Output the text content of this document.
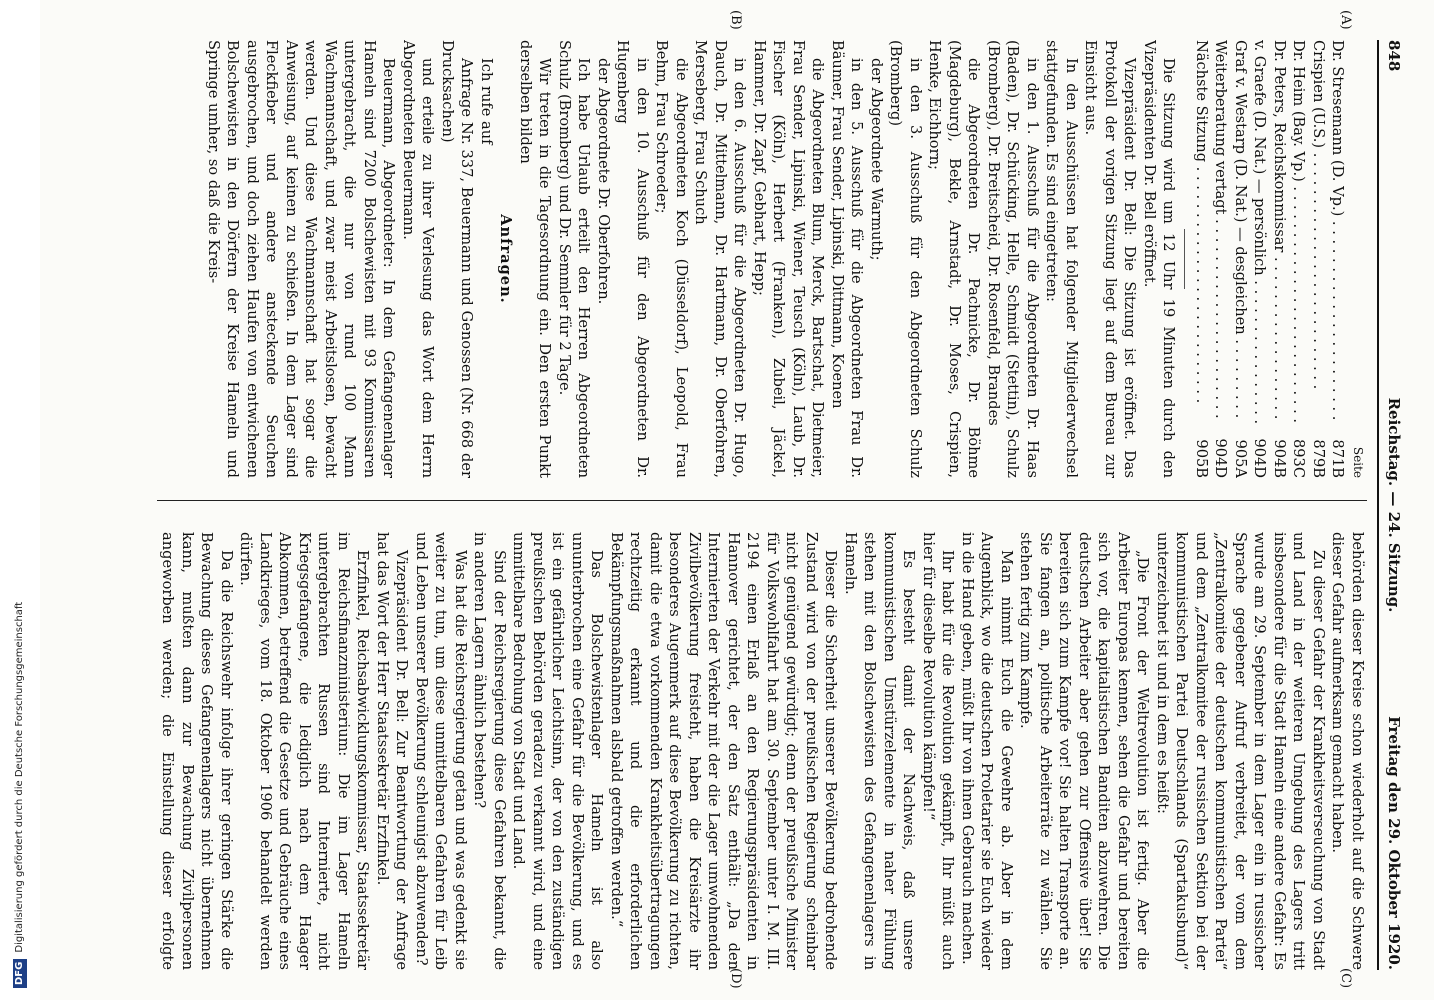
848
Reichstag. — 24. Sitzung.
Freitag den 29. Oktober 1920.
(A)
(B)
(C)
(D)
Seite
Dr. Stresemann (D. Vp.) . . .
871B
Crispien (U.S.) . . .
879B
Dr. Heim (Bay. Vp.) . . .
893C
Dr. Peters, Reichskommissar . . .
904B
v. Graefe (D. Nat.) — persönlich . . .
904D
Graf v. Westarp (D. Nat.) — desgleichen . . .
905A
Weiterberatung vertagt . . .
904D
Nächste Sitzung . . .
905B

Die Sitzung wird um 12 Uhr 19 Minuten durch den Vizepräsidenten Dr. Bell eröffnet.

Vizepräsident Dr. Bell: Die Sitzung ist eröffnet. Das Protokoll der vorigen Sitzung liegt auf dem Bureau zur Einsicht aus.

In den Ausschüssen hat folgender Mitgliederwechsel stattgefunden. Es sind eingetreten:

in den 1. Ausschuß für die Abgeordneten Dr. Haas (Baden), Dr. Schücking, Helle, Schmidt (Stettin), Schulz (Bromberg), Dr. Breitscheid, Dr. Rosenfeld, Brandes

die Abgeordneten Dr. Pachnicke, Dr. Böhme (Magdeburg), Bekle, Arnstadt, Dr. Moses, Crispien, Henke, Eichhorn;

in den 3. Ausschuß für den Abgeordneten Schulz (Bromberg)

der Abgeordnete Warmuth;

in den 5. Ausschuß für die Abgeordneten Frau Dr. Bäumer, Frau Sender, Lipinski, Dittmann, Koenen

die Abgeordneten Blum, Merck, Bartschat, Dietmeier, Frau Sender, Lipinski, Wiener, Teusch (Köln), Laub, Dr. Fischer (Köln), Herbert (Franken), Zubeil, Jäckel, Hammer, Dr. Zapf, Gebhart, Hepp;

in den 6. Ausschuß für die Abgeordneten Dr. Hugo, Dauch, Dr. Mittelmann, Dr. Hartmann, Dr. Oberfohren, Merseberg, Frau Schuch

die Abgeordneten Koch (Düsseldorf), Leopold, Frau Behm, Frau Schroeder;

in den 10. Ausschuß für den Abgeordneten Dr. Hugenberg

der Abgeordnete Dr. Oberfohren.

Ich habe Urlaub erteilt den Herren Abgeordneten Schulz (Bromberg) und Dr. Semmler für 2 Tage.

Wir treten in die Tagesordnung ein. Den ersten Punkt derselben bilden

Anfragen.

Ich rufe auf

Anfrage Nr. 337, Beuermann und Genossen (Nr. 668 der Drucksachen)

und erteile zu ihrer Verlesung das Wort dem Herrn Abgeordneten Beuermann.

Beuermann, Abgeordneter: In dem Gefangenenlager Hameln sind 7200 Bolschewisten mit 93 Kommissaren untergebracht, die nur von rund 100 Mann Wachmannschaft, und zwar meist Arbeitslosen, bewacht werden. Und diese Wachmannschaft hat sogar die Anweisung, auf keinen zu schießen. In dem Lager sind Fleckfieber und andere ansteckende Seuchen ausgebrochen, und doch ziehen Haufen von entwichenen Bolschewisten in den Dörfern der Kreise Hameln und Springe umher, so daß die Kreis-

behörden dieser Kreise schon wiederholt auf die Schwere dieser Gefahr aufmerksam gemacht haben.

Zu dieser Gefahr der Krankheitsverseuchung von Stadt und Land in der weiteren Umgebung des Lagers tritt insbesondere für die Stadt Hameln eine andere Gefahr: Es wurde am 29. September in dem Lager ein in russischer Sprache gegebener Aufruf verbreitet, der vom dem „Zentralkomitee der deutschen kommunistischen Partei“ und dem „Zentralkomitee der russischen Sektion bei der kommunistischen Partei Deutschlands (Spartakusbund)“ unterzeichnet ist und in dem es heißt:

„Die Front der Weltrevolution ist fertig. Aber die Arbeiter Europas kennen, sehen die Gefahr und bereiten sich vor, die kapitalistischen Banditen abzuwehren. Die deutschen Arbeiter aber gehen zur Offensive über! Sie bereiten sich zum Kampfe vor! Sie halten Transporte an. Sie fangen an, politische Arbeiterräte zu wählen. Sie stehen fertig zum Kampfe.

Man nimmt Euch die Gewehre ab. Aber in dem Augenblick, wo die deutschen Proletarier sie Euch wieder in die Hand geben, müßt Ihr von ihnen Gebrauch machen.

Ihr habt für die Revolution gekämpft, Ihr müßt auch hier für dieselbe Revolution kämpfen!“

Es besteht damit der Nachweis, daß unsere kommunistischen Umstürzelemente in naher Fühlung stehen mit den Bolschewisten des Gefangenenlagers in Hameln.

Dieser die Sicherheit unserer Bevölkerung bedrohende Zustand wird von der preußischen Regierung scheinbar nicht genügend gewürdigt; denn der preußische Minister für Volkswohlfahrt hat am 30. September unter I. M. III. 2194 einen Erlaß an den Regierungspräsidenten in Hannover gerichtet, der den Satz enthält: „Da den Internierten der Verkehr mit der die Lager umwohnenden Zivilbevölkerung freisteht, haben die Kreisärzte ihr besonderes Augenmerk auf diese Bevölkerung zu richten, damit die etwa vorkommenden Krankheitsübertragungen rechtzeitig erkannt und die erforderlichen Bekämpfungsmaßnahmen alsbald getroffen werden.“

Das Bolschewistenlager Hameln ist also ununterbrochen eine Gefahr für die Bevölkerung, und es ist ein gefährlicher Leichtsinn, der von den zuständigen preußischen Behörden geradezu verkannt wird, und eine unmittelbare Bedrohung von Stadt und Land.

Sind der Reichsregierung diese Gefahren bekannt, die in anderen Lagern ähnlich bestehen?

Was hat die Reichsregierung getan und was gedenkt sie weiter zu tun, um diese unmittelbaren Gefahren für Leib und Leben unserer Bevölkerung schleunigst abzuwenden?

Vizepräsident Dr. Bell: Zur Beantwortung der Anfrage hat das Wort der Herr Staatssekretär Erzfinkel.

Erzfinkel, Reichsabwicklungskommissar, Staatssekretär im Reichsfinanzministerium: Die im Lager Hameln untergebrachten Russen sind Internierte, nicht Kriegsgefangene, die lediglich nach dem Haager Abkommen, betreffend die Gesetze und Gebräuche eines Landkrieges, vom 18. Oktober 1906 behandelt werden dürfen.

Da die Reichswehr infolge ihrer geringen Stärke die Bewachung dieses Gefangenenlagers nicht übernehmen kann, mußten dann zur Bewachung Zivilpersonen angeworben werden; die Einstellung dieser erfolgte

DFGDigitalisierung gefördert durch die Deutsche Forschungsgemeinschaft
